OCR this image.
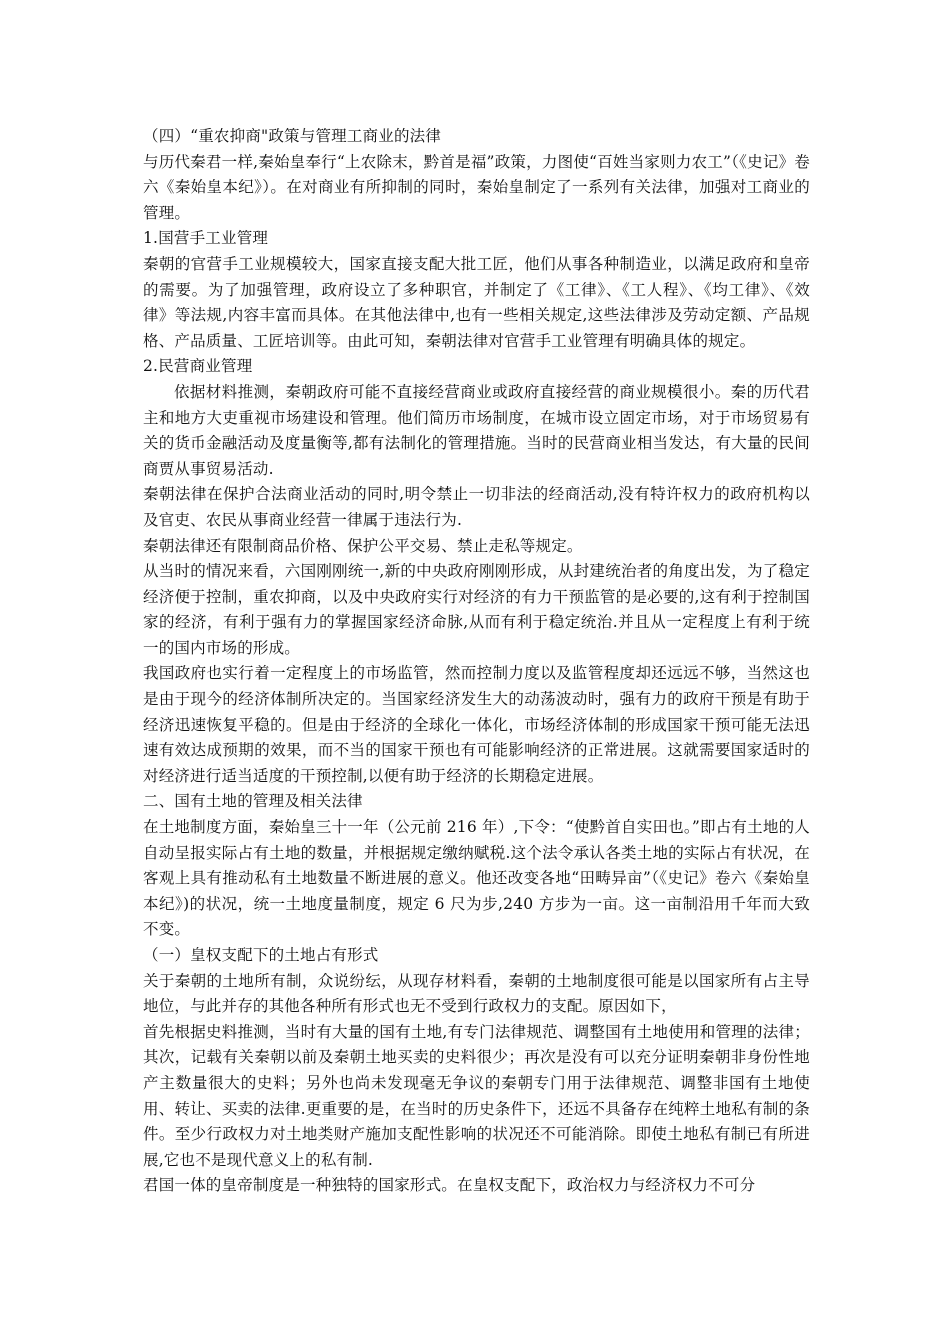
（四）“重农抑商"政策与管理工商业的法律

与历代秦君一样,秦始皇奉行“上农除末，黔首是福”政策，力图使“百姓当家则力农工”（《史记》卷六《秦始皇本纪》）。在对商业有所抑制的同时，秦始皇制定了一系列有关法律，加强对工商业的管理。

1.国营手工业管理

秦朝的官营手工业规模较大，国家直接支配大批工匠，他们从事各种制造业，以满足政府和皇帝的需要。为了加强管理，政府设立了多种职官，并制定了《工律》、《工人程》、《均工律》、《效律》等法规,内容丰富而具体。在其他法律中,也有一些相关规定,这些法律涉及劳动定额、产品规格、产品质量、工匠培训等。由此可知，秦朝法律对官营手工业管理有明确具体的规定。

2.民营商业管理

依据材料推测，秦朝政府可能不直接经营商业或政府直接经营的商业规模很小。秦的历代君主和地方大吏重视市场建设和管理。他们简历市场制度，在城市设立固定市场，对于市场贸易有关的货币金融活动及度量衡等,都有法制化的管理措施。当时的民营商业相当发达，有大量的民间商贾从事贸易活动.

秦朝法律在保护合法商业活动的同时,明令禁止一切非法的经商活动,没有特许权力的政府机构以及官吏、农民从事商业经营一律属于违法行为.

秦朝法律还有限制商品价格、保护公平交易、禁止走私等规定。

从当时的情况来看，六国刚刚统一,新的中央政府刚刚形成，从封建统治者的角度出发，为了稳定经济便于控制，重农抑商，以及中央政府实行对经济的有力干预监管的是必要的,这有利于控制国家的经济，有利于强有力的掌握国家经济命脉,从而有利于稳定统治.并且从一定程度上有利于统一的国内市场的形成。

我国政府也实行着一定程度上的市场监管，然而控制力度以及监管程度却还远远不够，当然这也是由于现今的经济体制所决定的。当国家经济发生大的动荡波动时，强有力的政府干预是有助于经济迅速恢复平稳的。但是由于经济的全球化一体化，市场经济体制的形成国家干预可能无法迅速有效达成预期的效果，而不当的国家干预也有可能影响经济的正常进展。这就需要国家适时的对经济进行适当适度的干预控制,以便有助于经济的长期稳定进展。

二、国有土地的管理及相关法律

在土地制度方面，秦始皇三十一年（公元前 216 年）,下令：“使黔首自实田也。”即占有土地的人自动呈报实际占有土地的数量，并根据规定缴纳赋税.这个法令承认各类土地的实际占有状况，在客观上具有推动私有土地数量不断进展的意义。他还改变各地“田畴异亩”（《史记》卷六《秦始皇本纪》)的状况，统一土地度量制度，规定 6 尺为步,240 方步为一亩。这一亩制沿用千年而大致不变。

（一）皇权支配下的土地占有形式

关于秦朝的土地所有制，众说纷纭，从现存材料看，秦朝的土地制度很可能是以国家所有占主导地位，与此并存的其他各种所有形式也无不受到行政权力的支配。原因如下，

首先根据史料推测，当时有大量的国有土地,有专门法律规范、调整国有土地使用和管理的法律；其次，记载有关秦朝以前及秦朝土地买卖的史料很少；再次是没有可以充分证明秦朝非身份性地产主数量很大的史料；另外也尚未发现毫无争议的秦朝专门用于法律规范、调整非国有土地使用、转让、买卖的法律.更重要的是，在当时的历史条件下，还远不具备存在纯粹土地私有制的条件。至少行政权力对土地类财产施加支配性影响的状况还不可能消除。即使土地私有制已有所进展,它也不是现代意义上的私有制.

君国一体的皇帝制度是一种独特的国家形式。在皇权支配下，政治权力与经济权力不可分
